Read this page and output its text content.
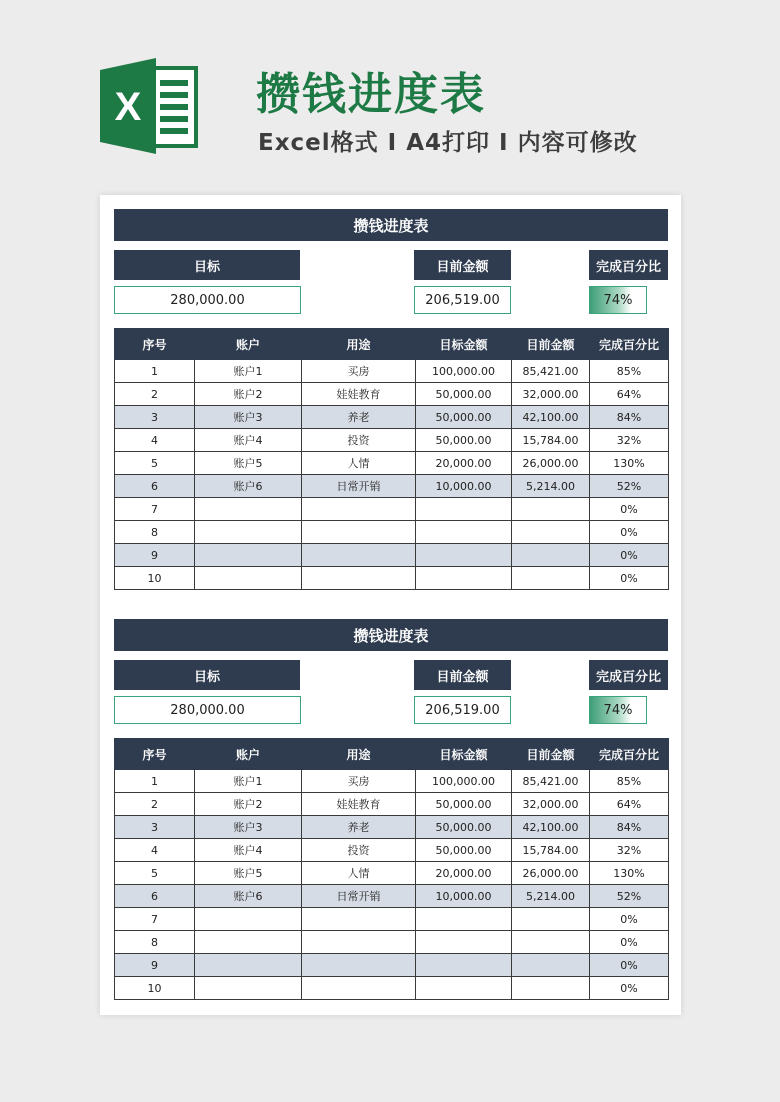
X	攒钱进度表
Excel格式 I A4打印 I 内容可修改
攒钱进度表
目标	目前金额	完成百分比
280,000.00	206,519.00	74%
序号	账户	用途	目标金额	目前金额	完成百分比
1	账户1	买房	100,000.00	85,421.00	85%
2	账户2	娃娃教育	50,000.00	32,000.00	64%
3	账户3	养老	50,000.00	42,100.00	84%
4	账户4	投资	50,000.00	15,784.00	32%
5	账户5	人情	20,000.00	26,000.00	130%
6	账户6	日常开销	10,000.00	5,214.00	52%
7					0%
8					0%
9					0%
10					0%
攒钱进度表
目标	目前金额	完成百分比
280,000.00	206,519.00	74%
序号	账户	用途	目标金额	目前金额	完成百分比
1	账户1	买房	100,000.00	85,421.00	85%
2	账户2	娃娃教育	50,000.00	32,000.00	64%
3	账户3	养老	50,000.00	42,100.00	84%
4	账户4	投资	50,000.00	15,784.00	32%
5	账户5	人情	20,000.00	26,000.00	130%
6	账户6	日常开销	10,000.00	5,214.00	52%
7					0%
8					0%
9					0%
10					0%
